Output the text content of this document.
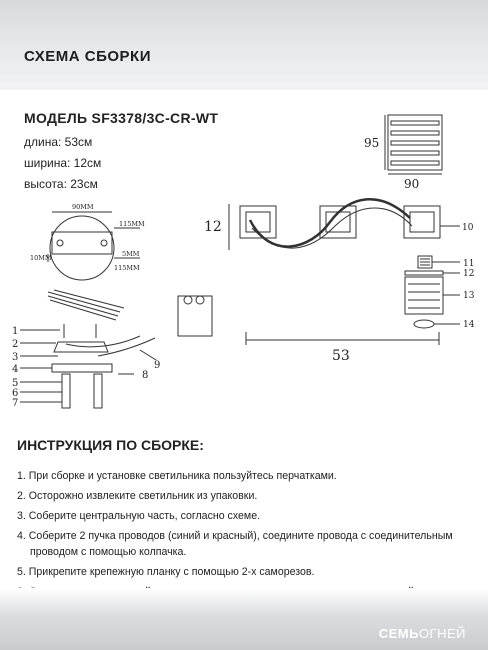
СХЕМА СБОРКИ
МОДЕЛЬ SF3378/3C-CR-WT
длина: 53см
ширина: 12см
высота: 23см
95
90
12	10
53
11
12
13
14
90MM
115MM
10MM	5MM
115MM
1
2
3
4
5
6
7
8
9
ИНСТРУКЦИЯ ПО СБОРКЕ:
1. При сборке и установке светильника пользуйтесь перчатками.
2. Осторожно извлеките светильник из упаковки.
3. Соберите центральную часть, согласно схеме.
4. Соберите 2 пучка проводов (синий и красный), соедините провода с соединительным
проводом с помощью колпачка.
5. Прикрепите крепежную планку с помощью 2-х саморезов.
СЕМЬОГНЕЙ
